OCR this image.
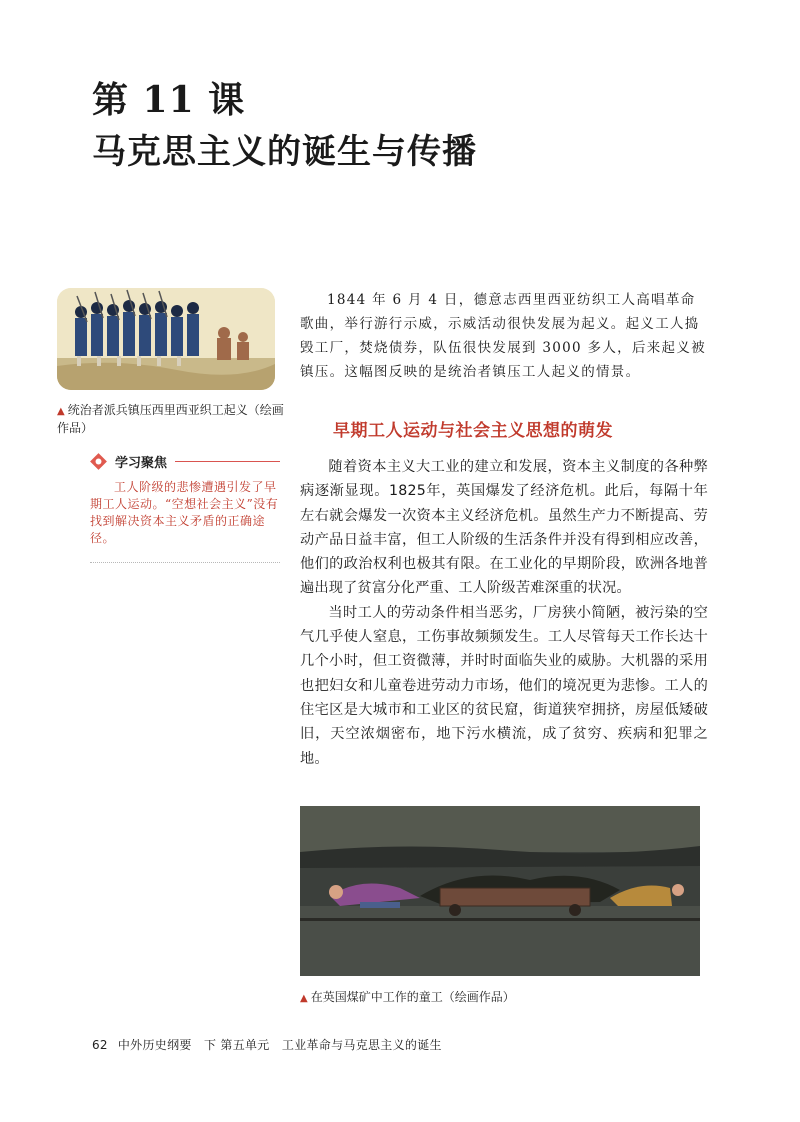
第 11 课
马克思主义的诞生与传播
▲ 统治者派兵镇压西里西亚织工起义（绘画作品）
学习聚焦

工人阶级的悲惨遭遇引发了早期工人运动。“空想社会主义”没有找到解决资本主义矛盾的正确途径。

1844 年 6 月 4 日，德意志西里西亚纺织工人高唱革命歌曲，举行游行示威，示威活动很快发展为起义。起义工人捣毁工厂，焚烧债券，队伍很快发展到 3000 多人，后来起义被镇压。这幅图反映的是统治者镇压工人起义的情景。

早期工人运动与社会主义思想的萌发

随着资本主义大工业的建立和发展，资本主义制度的各种弊病逐渐显现。1825年，英国爆发了经济危机。此后，每隔十年左右就会爆发一次资本主义经济危机。虽然生产力不断提高、劳动产品日益丰富，但工人阶级的生活条件并没有得到相应改善，他们的政治权利也极其有限。在工业化的早期阶段，欧洲各地普遍出现了贫富分化严重、工人阶级苦难深重的状况。

当时工人的劳动条件相当恶劣，厂房狭小简陋，被污染的空气几乎使人窒息，工伤事故频频发生。工人尽管每天工作长达十几个小时，但工资微薄，并时时面临失业的威胁。大机器的采用也把妇女和儿童卷进劳动力市场，他们的境况更为悲惨。工人的住宅区是大城市和工业区的贫民窟，街道狭窄拥挤，房屋低矮破旧，天空浓烟密布，地下污水横流，成了贫穷、疾病和犯罪之地。

▲ 在英国煤矿中工作的童工（绘画作品）
62 中外历史纲要　下 第五单元　工业革命与马克思主义的诞生
